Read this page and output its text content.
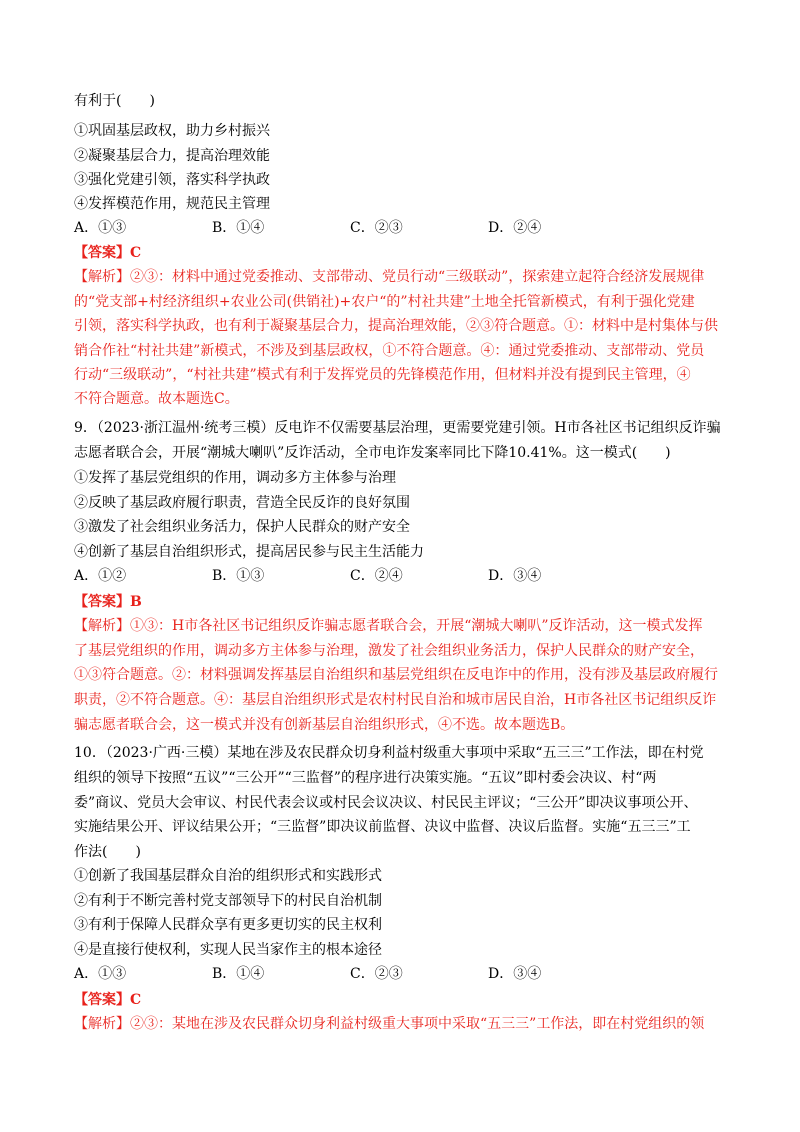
有利于(　　)
①巩固基层政权，助力乡村振兴
②凝聚基层合力，提高治理效能
③强化党建引领，落实科学执政
④发挥模范作用，规范民主管理
A．①③	B．①④	C．②③	D．②④
【答案】C
【解析】②③：材料中通过党委推动、支部带动、党员行动“三级联动”，探索建立起符合经济发展规律
的“党支部+村经济组织+农业公司(供销社)+农户“的”村社共建”土地全托管新模式，有利于强化党建
引领，落实科学执政，也有利于凝聚基层合力，提高治理效能，②③符合题意。①：材料中是村集体与供
销合作社“村社共建”新模式，不涉及到基层政权，①不符合题意。④：通过党委推动、支部带动、党员
行动“三级联动”，“村社共建”模式有利于发挥党员的先锋模范作用，但材料并没有提到民主管理，④
不符合题意。故本题选C。
9．（2023·浙江温州·统考三模）反电诈不仅需要基层治理，更需要党建引领。H市各社区书记组织反诈骗
志愿者联合会，开展“潮城大喇叭”反诈活动，全市电诈发案率同比下降10.41%。这一模式(　　)
①发挥了基层党组织的作用，调动多方主体参与治理
②反映了基层政府履行职责，营造全民反诈的良好氛围
③激发了社会组织业务活力，保护人民群众的财产安全
④创新了基层自治组织形式，提高居民参与民主生活能力
A．①②	B．①③	C．②④	D．③④
【答案】B
【解析】①③：H市各社区书记组织反诈骗志愿者联合会，开展“潮城大喇叭”反诈活动，这一模式发挥
了基层党组织的作用，调动多方主体参与治理，激发了社会组织业务活力，保护人民群众的财产安全，
①③符合题意。②：材料强调发挥基层自治组织和基层党组织在反电诈中的作用，没有涉及基层政府履行
职责，②不符合题意。④：基层自治组织形式是农村村民自治和城市居民自治，H市各社区书记组织反诈
骗志愿者联合会，这一模式并没有创新基层自治组织形式，④不选。故本题选B。
10．（2023·广西·三模）某地在涉及农民群众切身利益村级重大事项中采取“五三三”工作法，即在村党
组织的领导下按照“五议”“三公开”“三监督”的程序进行决策实施。“五议”即村委会决议、村“两
委”商议、党员大会审议、村民代表会议或村民会议决议、村民民主评议；“三公开”即决议事项公开、
实施结果公开、评议结果公开；“三监督”即决议前监督、决议中监督、决议后监督。实施“五三三”工
作法(　　)
①创新了我国基层群众自治的组织形式和实践形式
②有利于不断完善村党支部领导下的村民自治机制
③有利于保障人民群众享有更多更切实的民主权利
④是直接行使权利，实现人民当家作主的根本途径
A．①③	B．①④	C．②③	D．③④
【答案】C
【解析】②③：某地在涉及农民群众切身利益村级重大事项中采取“五三三”工作法，即在村党组织的领
